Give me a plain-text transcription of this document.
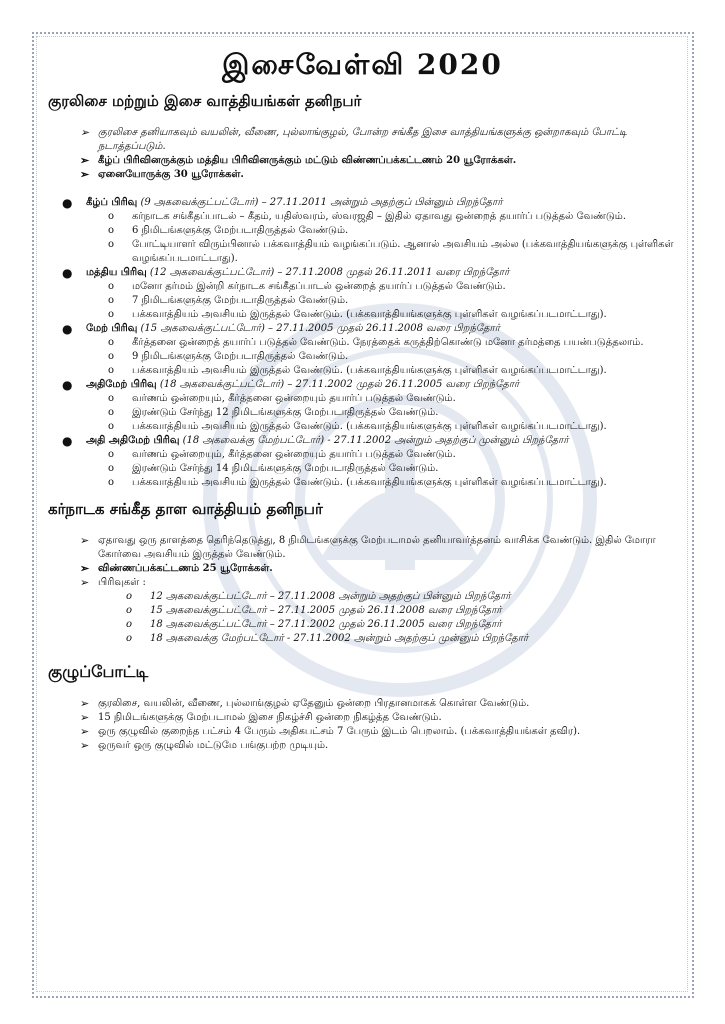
இசைவேள்வி 2020
குரலிசை மற்றும் இசை வாத்தியங்கள் தனிநபர்
➢ குரலிசை தனியாகவும் வயலின், வீணை, புல்லாங்குழல், போன்ற சங்கீத இசை வாத்தியங்களுக்கு ஒன்றாகவும் போட்டி நடாத்தப்படும்.
➢ கீழ்ப் பிரிவினருக்கும் மத்திய பிரிவினருக்கும் மட்டும் விண்ணப்பக்கட்டணம் 20 யூரோக்கள்.
➢ ஏனையோருக்கு 30 யூரோக்கள்.
● கீழ்ப் பிரிவு (9 அகவைக்குட்பட்டோர்) – 27.11.2011 அன்றும் அதற்குப் பின்னும் பிறந்தோர்
o கர்நாடக சங்கீதப்பாடல் – கீதம், யதிஸ்வரம், ஸ்வரஜதி – இதில் ஏதாவது ஒன்றைத் தயார்ப் படுத்தல் வேண்டும்.
o 6 நிமிடங்களுக்கு மேற்படாதிருத்தல் வேண்டும்.
o போட்டியாளர் விரும்பினால் பக்கவாத்தியம் வழங்கப்படும். ஆனால் அவசியம் அல்ல (பக்கவாத்தியங்களுக்கு புள்ளிகள் வழங்கப்படமாட்டாது).
● மத்திய பிரிவு (12 அகவைக்குட்பட்டோர்) – 27.11.2008 முதல் 26.11.2011 வரை பிறந்தோர்
o மனோ தர்மம் இன்றி கர்நாடக சங்கீதப்பாடல் ஒன்றைத் தயார்ப் படுத்தல் வேண்டும்.
o 7 நிமிடங்களுக்கு மேற்படாதிருத்தல் வேண்டும்.
o பக்கவாத்தியம் அவசியம் இருத்தல் வேண்டும். (பக்கவாத்தியங்களுக்கு புள்ளிகள் வழங்கப்படமாட்டாது).
● மேற் பிரிவு (15 அகவைக்குட்பட்டோர்) – 27.11.2005 முதல் 26.11.2008 வரை பிறந்தோர்
o கீர்த்தனை ஒன்றைத் தயார்ப் படுத்தல் வேண்டும். நேரத்தைக் கருத்திற்கொண்டு மனோ தர்மத்தை பயன்படுத்தலாம்.
o 9 நிமிடங்களுக்கு மேற்படாதிருத்தல் வேண்டும்.
o பக்கவாத்தியம் அவசியம் இருத்தல் வேண்டும். (பக்கவாத்தியங்களுக்கு புள்ளிகள் வழங்கப்படமாட்டாது).
● அதிமேற் பிரிவு (18 அகவைக்குட்பட்டோர்) – 27.11.2002 முதல் 26.11.2005 வரை பிறந்தோர்
o வர்ணம் ஒன்றையும், கீர்த்தனை ஒன்றையும் தயார்ப் படுத்தல் வேண்டும்.
o இரண்டும் சேர்ந்து 12 நிமிடங்களுக்கு மேற்படாதிருத்தல் வேண்டும்.
o பக்கவாத்தியம் அவசியம் இருத்தல் வேண்டும். (பக்கவாத்தியங்களுக்கு புள்ளிகள் வழங்கப்படமாட்டாது).
● அதி அதிமேற் பிரிவு (18 அகவைக்கு மேற்பட்டோர்) - 27.11.2002 அன்றும் அதற்குப் முன்னும் பிறந்தோர்
o வர்ணம் ஒன்றையும், கீர்த்தனை ஒன்றையும் தயார்ப் படுத்தல் வேண்டும்.
o இரண்டும் சேர்ந்து 14 நிமிடங்களுக்கு மேற்படாதிருத்தல் வேண்டும்.
o பக்கவாத்தியம் அவசியம் இருத்தல் வேண்டும். (பக்கவாத்தியங்களுக்கு புள்ளிகள் வழங்கப்படமாட்டாது).
கர்நாடக சங்கீத தாள வாத்தியம் தனிநபர்
➢ ஏதாவது ஒரு தாளத்தை தெரிந்தெடுத்து, 8 நிமிடங்களுக்கு மேற்படாமல் தனியாவர்த்தனம் வாசிக்க வேண்டும். இதில் மோரா கோர்வை அவசியம் இருத்தல் வேண்டும்.
➢ விண்ணப்பக்கட்டணம் 25 யூரோக்கள்.
➢ பிரிவுகள் :
o 12 அகவைக்குட்பட்டோர் – 27.11.2008 அன்றும் அதற்குப் பின்னும் பிறந்தோர்
o 15 அகவைக்குட்பட்டோர் – 27.11.2005 முதல் 26.11.2008 வரை பிறந்தோர்
o 18 அகவைக்குட்பட்டோர் – 27.11.2002 முதல் 26.11.2005 வரை பிறந்தோர்
o 18 அகவைக்கு மேற்பட்டோர் - 27.11.2002 அன்றும் அதற்குப் முன்னும் பிறந்தோர்
குழுப்போட்டி
➢ குரலிசை, வயலின், வீணை, புல்லாங்குழல் ஏதேனும் ஒன்றை பிரதானமாகக் கொள்ள வேண்டும்.
➢ 15 நிமிடங்களுக்கு மேற்படாமல் இசை நிகழ்ச்சி ஒன்றை நிகழ்த்த வேண்டும்.
➢ ஒரு குழுவில் குறைந்த பட்சம் 4 பேரும் அதிகபட்சம் 7 பேரும் இடம் பெறலாம். (பக்கவாத்தியங்கள் தவிர).
➢ ஒருவர் ஒரு குழுவில் மட்டுமே பங்குபற்ற முடியும்.
